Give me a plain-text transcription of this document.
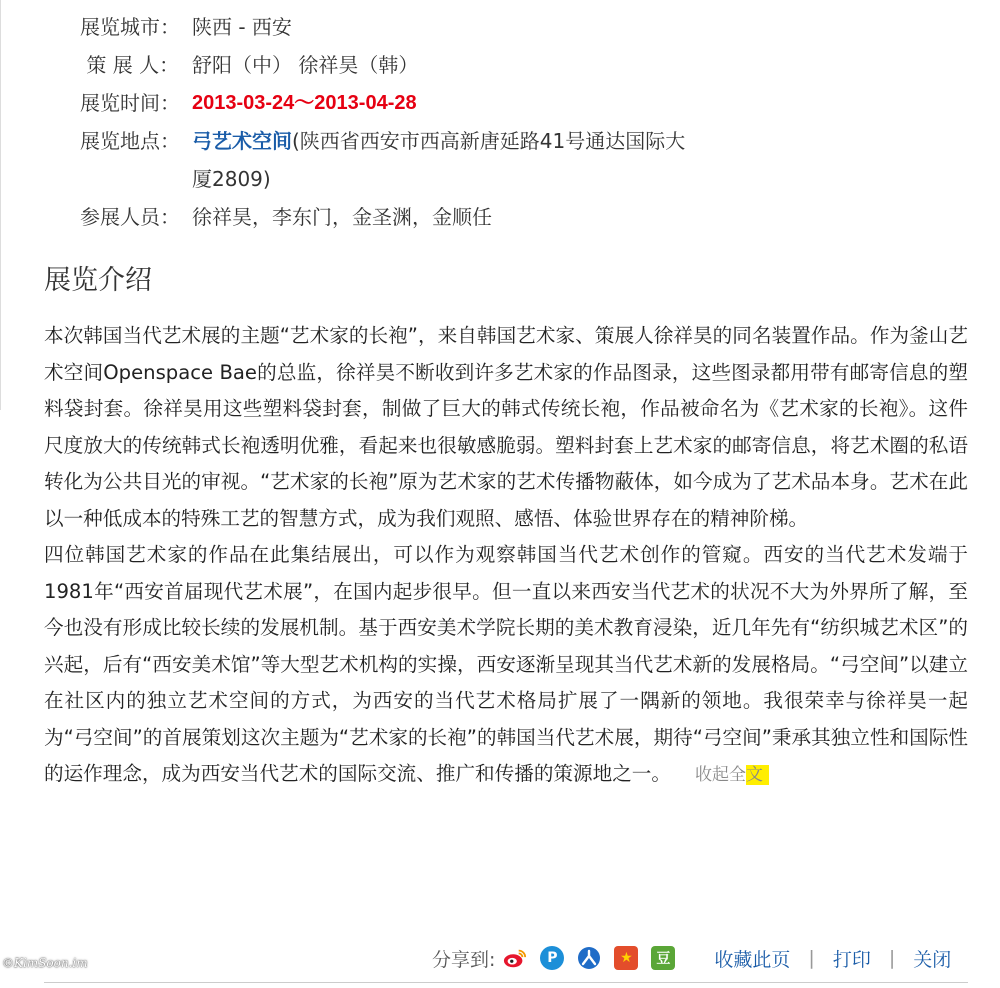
展览城市： 陕西 - 西安
策 展 人： 舒阳（中） 徐祥昊（韩）
展览时间： 2013-03-24～2013-04-28
展览地点： 弓艺术空间(陕西省西安市西高新唐延路41号通达国际大厦2809)
参展人员： 徐祥昊，李东门，金圣渊，金顺任
展览介绍

本次韩国当代艺术展的主题“艺术家的长袍”，来自韩国艺术家、策展人徐祥昊的同名装置作品。作为釜山艺术空间Openspace Bae的总监，徐祥昊不断收到许多艺术家的作品图录，这些图录都用带有邮寄信息的塑料袋封套。徐祥昊用这些塑料袋封套，制做了巨大的韩式传统长袍，作品被命名为《艺术家的长袍》。这件尺度放大的传统韩式长袍透明优雅，看起来也很敏感脆弱。塑料封套上艺术家的邮寄信息，将艺术圈的私语转化为公共目光的审视。“艺术家的长袍”原为艺术家的艺术传播物蔽体，如今成为了艺术品本身。艺术在此以一种低成本的特殊工艺的智慧方式，成为我们观照、感悟、体验世界存在的精神阶梯。

四位韩国艺术家的作品在此集结展出，可以作为观察韩国当代艺术创作的管窥。西安的当代艺术发端于1981年“西安首届现代艺术展”，在国内起步很早。但一直以来西安当代艺术的状况不大为外界所了解，至今也没有形成比较长续的发展机制。基于西安美术学院长期的美术教育浸染，近几年先有“纺织城艺术区”的兴起，后有“西安美术馆”等大型艺术机构的实操，西安逐渐呈现其当代艺术新的发展格局。“弓空间”以建立在社区内的独立艺术空间的方式，为西安的当代艺术格局扩展了一隅新的领地。我很荣幸与徐祥昊一起为“弓空间”的首展策划这次主题为“艺术家的长袍”的韩国当代艺术展，期待“弓空间”秉承其独立性和国际性的运作理念，成为西安当代艺术的国际交流、推广和传播的策源地之一。 收起全文

分享到:	P	★	豆 收藏此页 | 打印 | 关闭
©KimSoon.im
